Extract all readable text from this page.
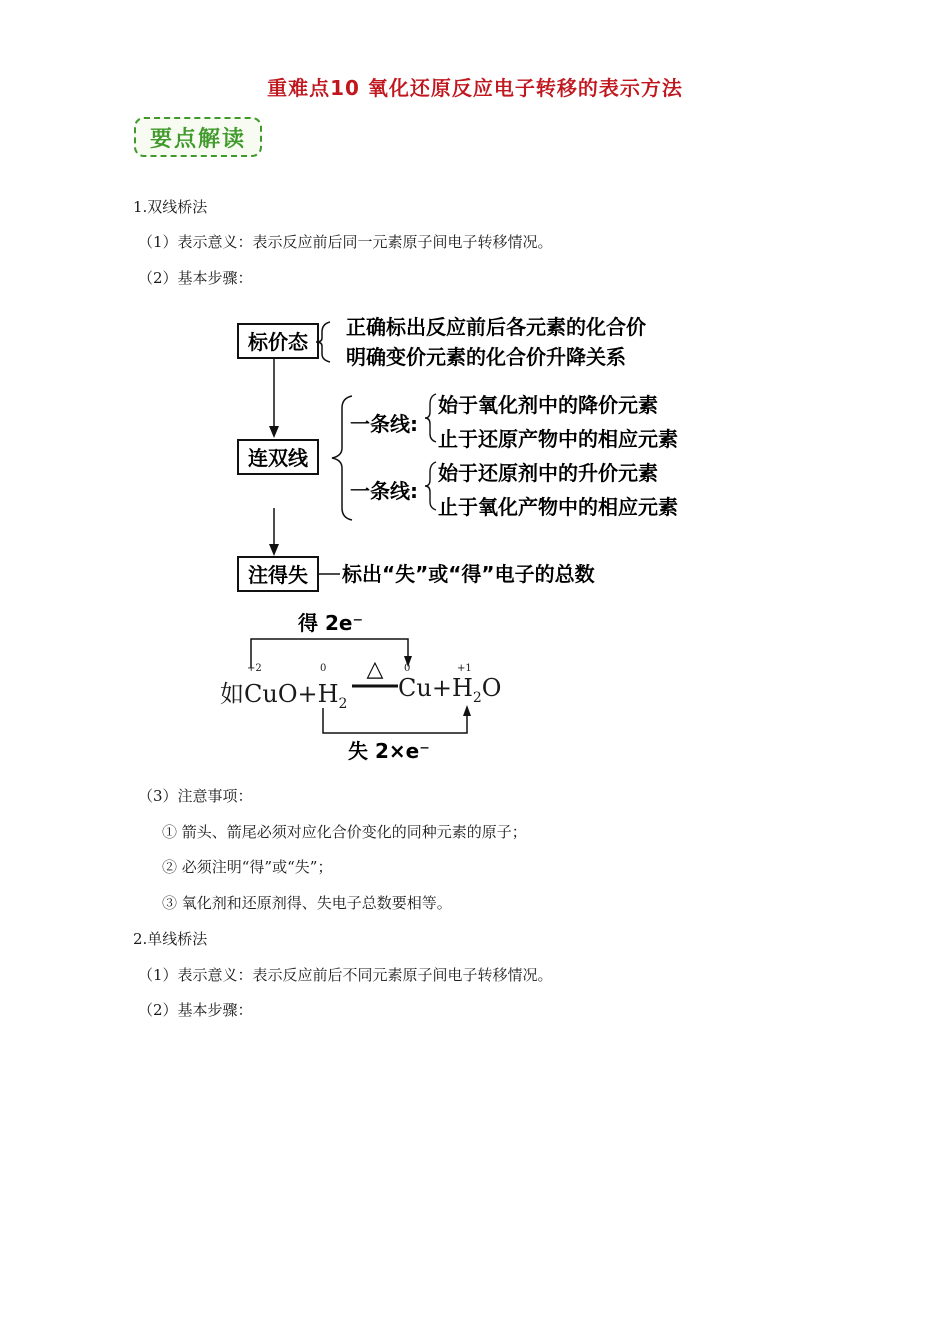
重难点10 氧化还原反应电子转移的表示方法
要点解读
1.双线桥法
（1）表示意义：表示反应前后同一元素原子间电子转移情况。
（2）基本步骤：
标价态
正确标出反应前后各元素的化合价
明确变价元素的化合价升降关系
连双线
一条线:
始于氧化剂中的降价元素
止于还原产物中的相应元素
一条线:
始于还原剂中的升价元素
止于氧化产物中的相应元素
注得失 标出“失”或“得”电子的总数
得 2e⁻
失 2×e⁻
△
+2	0	0	+1
如$CuO+H_2$
$Cu+H_2O$
（3）注意事项：
① 箭头、箭尾必须对应化合价变化的同种元素的原子；
② 必须注明“得”或“失”；
③ 氧化剂和还原剂得、失电子总数要相等。
2.单线桥法
（1）表示意义：表示反应前后不同元素原子间电子转移情况。
（2）基本步骤：
